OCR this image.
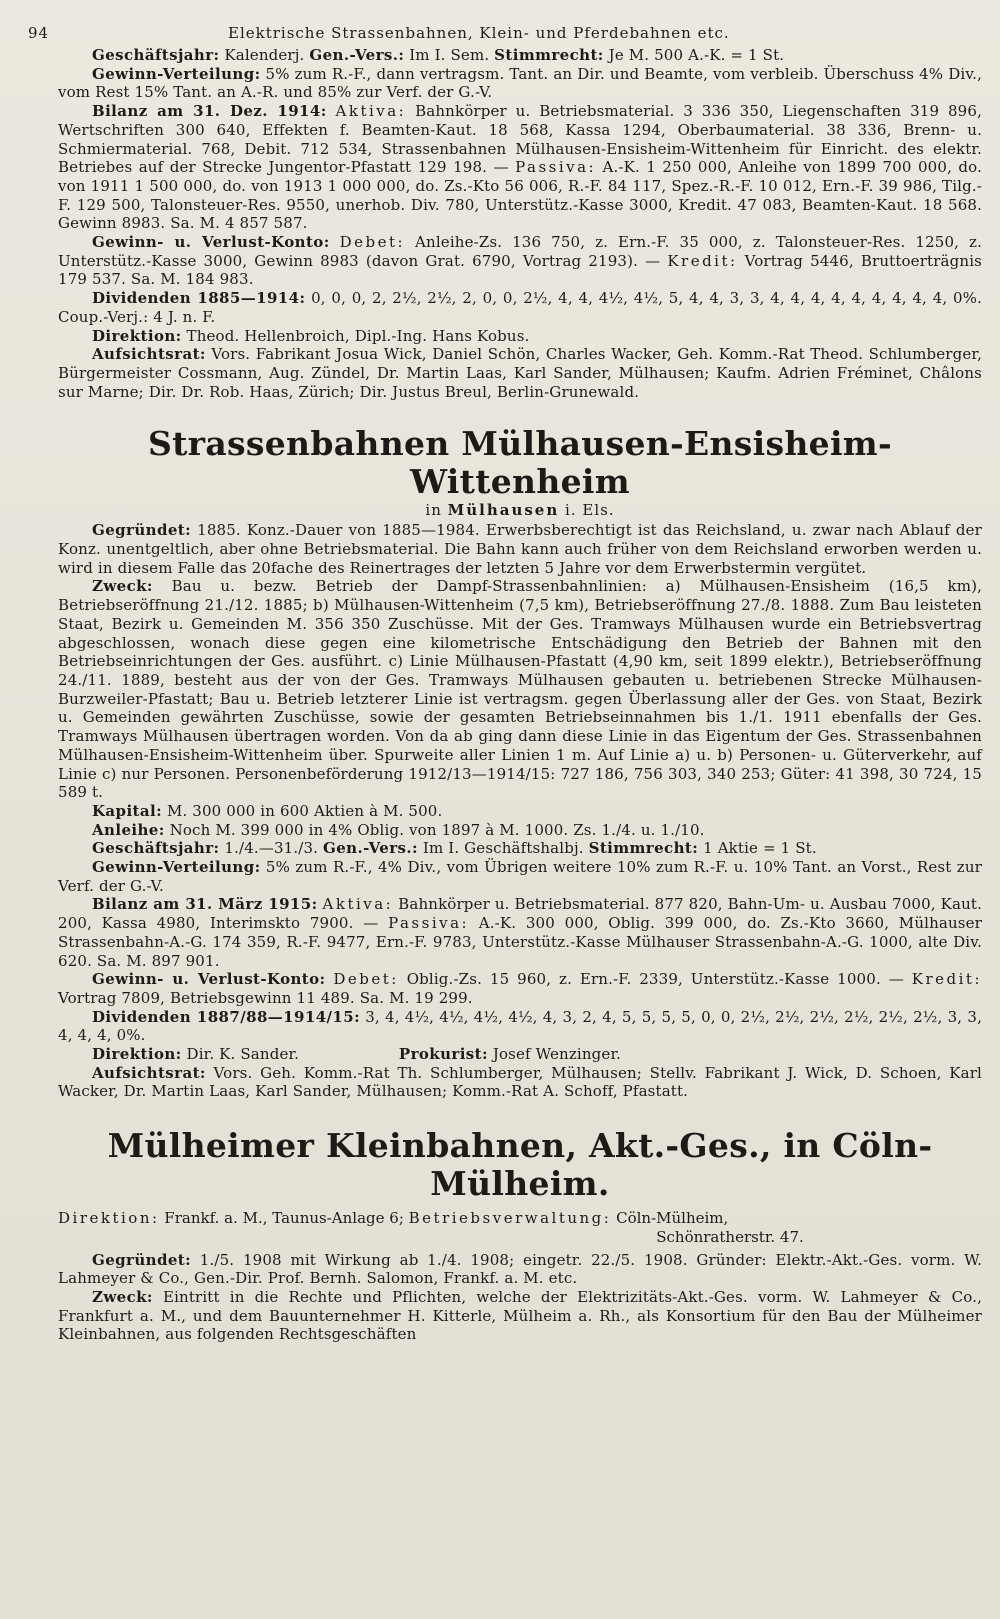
94	Elektrische Strassenbahnen, Klein- und Pferdebahnen etc.

Geschäftsjahr: Kalenderj. Gen.-Vers.: Im I. Sem. Stimmrecht: Je M. 500 A.-K. = 1 St.

Gewinn-Verteilung: 5% zum R.-F., dann vertragsm. Tant. an Dir. und Beamte, vom verbleib. Überschuss 4% Div., vom Rest 15% Tant. an A.-R. und 85% zur Verf. der G.-V.

Bilanz am 31. Dez. 1914: Aktiva: Bahnkörper u. Betriebsmaterial. 3 336 350, Liegenschaften 319 896, Wertschriften 300 640, Effekten f. Beamten-Kaut. 18 568, Kassa 1294, Oberbaumaterial. 38 336, Brenn- u. Schmiermaterial. 768, Debit. 712 534, Strassenbahnen Mülhausen-Ensisheim-Wittenheim für Einricht. des elektr. Betriebes auf der Strecke Jungentor-Pfastatt 129 198. — Passiva: A.-K. 1 250 000, Anleihe von 1899 700 000, do. von 1911 1 500 000, do. von 1913 1 000 000, do. Zs.-Kto 56 006, R.-F. 84 117, Spez.-R.-F. 10 012, Ern.-F. 39 986, Tilg.-F. 129 500, Talonsteuer-Res. 9550, unerhob. Div. 780, Unterstütz.-Kasse 3000, Kredit. 47 083, Beamten-Kaut. 18 568. Gewinn 8983. Sa. M. 4 857 587.

Gewinn- u. Verlust-Konto: Debet: Anleihe-Zs. 136 750, z. Ern.-F. 35 000, z. Talonsteuer-Res. 1250, z. Unterstütz.-Kasse 3000, Gewinn 8983 (davon Grat. 6790, Vortrag 2193). — Kredit: Vortrag 5446, Bruttoerträgnis 179 537. Sa. M. 184 983.

Dividenden 1885—1914: 0, 0, 0, 2, 2½, 2½, 2, 0, 0, 2½, 4, 4, 4½, 4½, 5, 4, 4, 3, 3, 4, 4, 4, 4, 4, 4, 4, 4, 4, 0%. Coup.-Verj.: 4 J. n. F.

Direktion: Theod. Hellenbroich, Dipl.-Ing. Hans Kobus.

Aufsichtsrat: Vors. Fabrikant Josua Wick, Daniel Schön, Charles Wacker, Geh. Komm.-Rat Theod. Schlumberger, Bürgermeister Cossmann, Aug. Zündel, Dr. Martin Laas, Karl Sander, Mülhausen; Kaufm. Adrien Fréminet, Châlons sur Marne; Dir. Dr. Rob. Haas, Zürich; Dir. Justus Breul, Berlin-Grunewald.

Strassenbahnen Mülhausen-Ensisheim-Wittenheim
in Mülhausen i. Els.

Gegründet: 1885. Konz.-Dauer von 1885—1984. Erwerbsberechtigt ist das Reichsland, u. zwar nach Ablauf der Konz. unentgeltlich, aber ohne Betriebsmaterial. Die Bahn kann auch früher von dem Reichsland erworben werden u. wird in diesem Falle das 20fache des Reinertrages der letzten 5 Jahre vor dem Erwerbstermin vergütet.

Zweck: Bau u. bezw. Betrieb der Dampf-Strassenbahnlinien: a) Mülhausen-Ensisheim (16,5 km), Betriebseröffnung 21./12. 1885; b) Mülhausen-Wittenheim (7,5 km), Betriebseröffnung 27./8. 1888. Zum Bau leisteten Staat, Bezirk u. Gemeinden M. 356 350 Zuschüsse. Mit der Ges. Tramways Mülhausen wurde ein Betriebsvertrag abgeschlossen, wonach diese gegen eine kilometrische Entschädigung den Betrieb der Bahnen mit den Betriebseinrichtungen der Ges. ausführt. c) Linie Mülhausen-Pfastatt (4,90 km, seit 1899 elektr.), Betriebseröffnung 24./11. 1889, besteht aus der von der Ges. Tramways Mülhausen gebauten u. betriebenen Strecke Mülhausen-Burzweiler-Pfastatt; Bau u. Betrieb letzterer Linie ist vertragsm. gegen Überlassung aller der Ges. von Staat, Bezirk u. Gemeinden gewährten Zuschüsse, sowie der gesamten Betriebseinnahmen bis 1./1. 1911 ebenfalls der Ges. Tramways Mülhausen übertragen worden. Von da ab ging dann diese Linie in das Eigentum der Ges. Strassenbahnen Mülhausen-Ensisheim-Wittenheim über. Spurweite aller Linien 1 m. Auf Linie a) u. b) Personen- u. Güterverkehr, auf Linie c) nur Personen. Personenbeförderung 1912/13—1914/15: 727 186, 756 303, 340 253; Güter: 41 398, 30 724, 15 589 t.

Kapital: M. 300 000 in 600 Aktien à M. 500.

Anleihe: Noch M. 399 000 in 4% Oblig. von 1897 à M. 1000. Zs. 1./4. u. 1./10.

Geschäftsjahr: 1./4.—31./3. Gen.-Vers.: Im I. Geschäftshalbj. Stimmrecht: 1 Aktie = 1 St.

Gewinn-Verteilung: 5% zum R.-F., 4% Div., vom Übrigen weitere 10% zum R.-F. u. 10% Tant. an Vorst., Rest zur Verf. der G.-V.

Bilanz am 31. März 1915: Aktiva: Bahnkörper u. Betriebsmaterial. 877 820, Bahn-Um- u. Ausbau 7000, Kaut. 200, Kassa 4980, Interimskto 7900. — Passiva: A.-K. 300 000, Oblig. 399 000, do. Zs.-Kto 3660, Mülhauser Strassenbahn-A.-G. 174 359, R.-F. 9477, Ern.-F. 9783, Unterstütz.-Kasse Mülhauser Strassenbahn-A.-G. 1000, alte Div. 620. Sa. M. 897 901.

Gewinn- u. Verlust-Konto: Debet: Oblig.-Zs. 15 960, z. Ern.-F. 2339, Unterstütz.-Kasse 1000. — Kredit: Vortrag 7809, Betriebsgewinn 11 489. Sa. M. 19 299.

Dividenden 1887/88—1914/15: 3, 4, 4½, 4½, 4½, 4½, 4, 3, 2, 4, 5, 5, 5, 5, 0, 0, 2½, 2½, 2½, 2½, 2½, 2½, 3, 3, 4, 4, 4, 0%.

Direktion: Dir. K. Sander.	Prokurist: Josef Wenzinger.

Aufsichtsrat: Vors. Geh. Komm.-Rat Th. Schlumberger, Mülhausen; Stellv. Fabrikant J. Wick, D. Schoen, Karl Wacker, Dr. Martin Laas, Karl Sander, Mülhausen; Komm.-Rat A. Schoff, Pfastatt.

Mülheimer Kleinbahnen, Akt.-Ges., in Cöln-Mülheim.
Direktion: Frankf. a. M., Taunus-Anlage 6; Betriebsverwaltung: Cöln-Mülheim,
Schönratherstr. 47.

Gegründet: 1./5. 1908 mit Wirkung ab 1./4. 1908; eingetr. 22./5. 1908. Gründer: Elektr.-Akt.-Ges. vorm. W. Lahmeyer & Co., Gen.-Dir. Prof. Bernh. Salomon, Frankf. a. M. etc.

Zweck: Eintritt in die Rechte und Pflichten, welche der Elektrizitäts-Akt.-Ges. vorm. W. Lahmeyer & Co., Frankfurt a. M., und dem Bauunternehmer H. Kitterle, Mülheim a. Rh., als Konsortium für den Bau der Mülheimer Kleinbahnen, aus folgenden Rechtsgeschäften
